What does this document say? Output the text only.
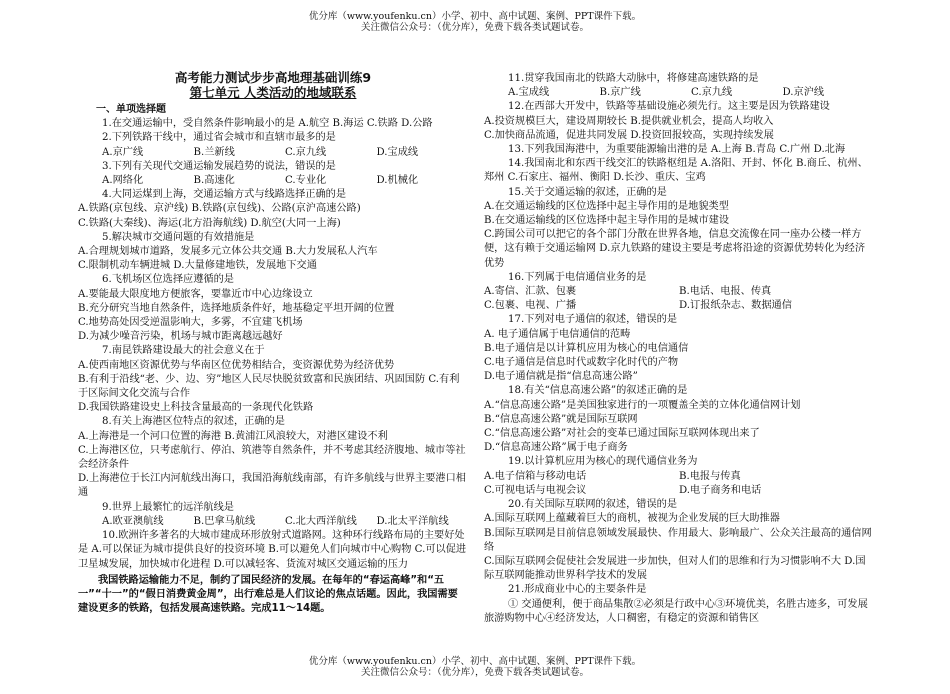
优分库（www.youfenku.cn）小学、初中、高中试题、案例、PPT课件下载。
关注微信公众号：（优分库），免费下载各类试题试卷。
高考能力测试步步高地理基础训练9
第七单元 人类活动的地域联系
一、单项选择题
1.在交通运输中，受自然条件影响最小的是 A.航空 B.海运 C.铁路 D.公路
2.下列铁路干线中，通过省会城市和直辖市最多的是
A.京广线	B.兰新线	C.京九线	D.宝成线
3.下列有关现代交通运输发展趋势的说法，错误的是
A.网络化	B.高速化	C.专业化	D.机械化
4.大同运煤到上海，交通运输方式与线路选择正确的是
A.铁路(京包线、京沪线) B.铁路(京包线)、公路(京沪高速公路)
C.铁路(大秦线)、海运(北方沿海航线) D.航空(大同一上海)
5.解决城市交通问题的有效措施是
A.合理规划城市道路，发展多元立体公共交通 B.大力发展私人汽车
C.限制机动车辆进城 D.大量修建地铁，发展地下交通
6.飞机场区位选择应遵循的是
A.要能最大限度地方便旅客，要靠近市中心边缘设立
B.充分研究当地自然条件，选择地质条件好，地基稳定平坦开阔的位置
C.地势高处因受逆温影响大，多雾，不宜建飞机场
D.为减少噪音污染，机场与城市距离越远越好
7.南昆铁路建设最大的社会意义在于
A.使西南地区资源优势与华南区位优势相结合，变资源优势为经济优势
B.有利于沿线“老、少、边、穷”地区人民尽快脱贫致富和民族团结、巩固国防 C.有利于区际间文化交流与合作
D.我国铁路建设史上科技含量最高的一条现代化铁路
8.有关上海港区位特点的叙述，正确的是
A.上海港是一个河口位置的海港 B.黄浦江风浪较大，对港区建设不利
C.上海港区位，只考虑航行、停泊、筑港等自然条件，并不考虑其经济腹地、城市等社会经济条件
D.上海港位于长江内河航线出海口，我国沿海航线南部，有许多航线与世界主要港口相通
9.世界上最繁忙的远洋航线是
A.欧亚澳航线	B.巴拿马航线	C.北大西洋航线	D.北太平洋航线
10.欧洲许多著名的大城市建成环形放射式道路网。这种环行线路布局的主要好处是 A.可以保证为城市提供良好的投资环境 B.可以避免人们向城市中心购物 C.可以促进卫星城发展，加快城市化进程 D.可以减轻客、货流对城区交通运输的压力
我国铁路运输能力不足，制约了国民经济的发展。在每年的“春运高峰”和“五一”“十一”的“假日消费黄金周”，出行难总是人们议论的焦点话题。因此，我国需要建设更多的铁路，包括发展高速铁路。完成11～14题。
11.贯穿我国南北的铁路大动脉中，将修建高速铁路的是
A.宝成线	B.京广线	C.京九线	D.京沪线
12.在西部大开发中，铁路等基础设施必须先行。这主要是因为铁路建设
A.投资规模巨大，建设周期较长 B.提供就业机会，提高人均收入
C.加快商品流通，促进共同发展 D.投资回报较高，实现持续发展
13.下列我国海港中，为重要能源输出港的是 A.上海 B.青岛 C.广州 D.北海
14.我国南北和东西干线交汇的铁路枢纽是 A.洛阳、开封、怀化 B.商丘、杭州、郑州 C.石家庄、福州、衡阳 D.长沙、重庆、宝鸡
15.关于交通运输的叙述，正确的是
A.在交通运输线的区位选择中起主导作用的是地貌类型
B.在交通运输线的区位选择中起主导作用的是城市建设
C.跨国公司可以把它的各个部门分散在世界各地，信息交流像在同一座办公楼一样方便，这有赖于交通运输网 D.京九铁路的建设主要是考虑将沿途的资源优势转化为经济优势
16.下列属于电信通信业务的是
A.寄信、汇款、包裹	B.电话、电报、传真
C.包裹、电视、广播	D.订报纸杂志、数据通信
17.下列对电子通信的叙述，错误的是
A. 电子通信属于电信通信的范畴
B.电子通信是以计算机应用为核心的电信通信
C.电子通信是信息时代或数字化时代的产物
D.电子通信就是指“信息高速公路”
18.有关“信息高速公路”的叙述正确的是
A.“信息高速公路”是美国独家进行的一项覆盖全美的立体化通信网计划
B.“信息高速公路”就是国际互联网
C.“信息高速公路”对社会的变革已通过国际互联网体现出来了
D.“信息高速公路”属于电子商务
19.以计算机应用为核心的现代通信业务为
A.电子信箱与移动电话	B.电报与传真
C.可视电话与电视会议	D.电子商务和电话
20.有关国际互联网的叙述，错误的是
A.国际互联网上蕴藏着巨大的商机，被视为企业发展的巨大助推器
B.国际互联网是目前信息领域发展最快、作用最大、影响最广、公众关注最高的通信网络
C.国际互联网会促使社会发展进一步加快，但对人们的思维和行为习惯影响不大 D.国际互联网能推动世界科学技术的发展
21.形成商业中心的主要条件是
① 交通便利，便于商品集散②必须是行政中心③环境优美，名胜古迹多，可发展旅游购物中心④经济发达，人口稠密，有稳定的资源和销售区
优分库（www.youfenku.cn）小学、初中、高中试题、案例、PPT课件下载。
关注微信公众号：（优分库），免费下载各类试题试卷。
